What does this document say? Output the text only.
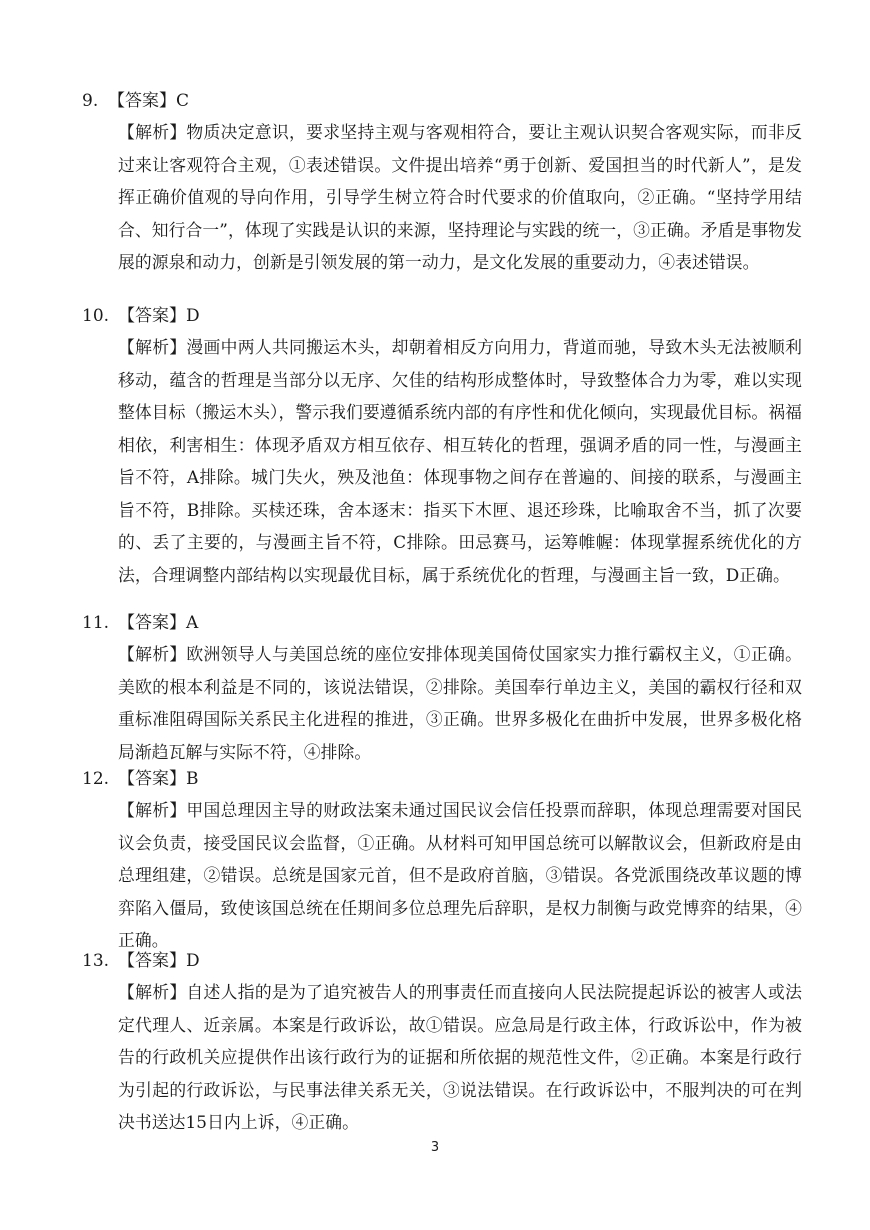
9. 【答案】C
【解析】物质决定意识，要求坚持主观与客观相符合，要让主观认识契合客观实际，而非反过来让客观符合主观，①表述错误。文件提出培养“勇于创新、爱国担当的时代新人”，是发挥正确价值观的导向作用，引导学生树立符合时代要求的价值取向，②正确。“坚持学用结合、知行合一”，体现了实践是认识的来源，坚持理论与实践的统一，③正确。矛盾是事物发展的源泉和动力，创新是引领发展的第一动力，是文化发展的重要动力，④表述错误。
10. 【答案】D
【解析】漫画中两人共同搬运木头，却朝着相反方向用力，背道而驰，导致木头无法被顺利移动，蕴含的哲理是当部分以无序、欠佳的结构形成整体时，导致整体合力为零，难以实现整体目标（搬运木头），警示我们要遵循系统内部的有序性和优化倾向，实现最优目标。祸福相依，利害相生：体现矛盾双方相互依存、相互转化的哲理，强调矛盾的同一性，与漫画主旨不符，A排除。城门失火，殃及池鱼：体现事物之间存在普遍的、间接的联系，与漫画主旨不符，B排除。买椟还珠，舍本逐末：指买下木匣、退还珍珠，比喻取舍不当，抓了次要的、丢了主要的，与漫画主旨不符，C排除。田忌赛马，运筹帷幄：体现掌握系统优化的方法，合理调整内部结构以实现最优目标，属于系统优化的哲理，与漫画主旨一致，D正确。
11. 【答案】A
【解析】欧洲领导人与美国总统的座位安排体现美国倚仗国家实力推行霸权主义，①正确。美欧的根本利益是不同的，该说法错误，②排除。美国奉行单边主义，美国的霸权行径和双重标准阻碍国际关系民主化进程的推进，③正确。世界多极化在曲折中发展，世界多极化格局渐趋瓦解与实际不符，④排除。
12. 【答案】B
【解析】甲国总理因主导的财政法案未通过国民议会信任投票而辞职，体现总理需要对国民议会负责，接受国民议会监督，①正确。从材料可知甲国总统可以解散议会，但新政府是由总理组建，②错误。总统是国家元首，但不是政府首脑，③错误。各党派围绕改革议题的博弈陷入僵局，致使该国总统在任期间多位总理先后辞职，是权力制衡与政党博弈的结果，④正确。
13. 【答案】D
【解析】自述人指的是为了追究被告人的刑事责任而直接向人民法院提起诉讼的被害人或法定代理人、近亲属。本案是行政诉讼，故①错误。应急局是行政主体，行政诉讼中，作为被告的行政机关应提供作出该行政行为的证据和所依据的规范性文件，②正确。本案是行政行为引起的行政诉讼，与民事法律关系无关，③说法错误。在行政诉讼中，不服判决的可在判决书送达15日内上诉，④正确。
3
